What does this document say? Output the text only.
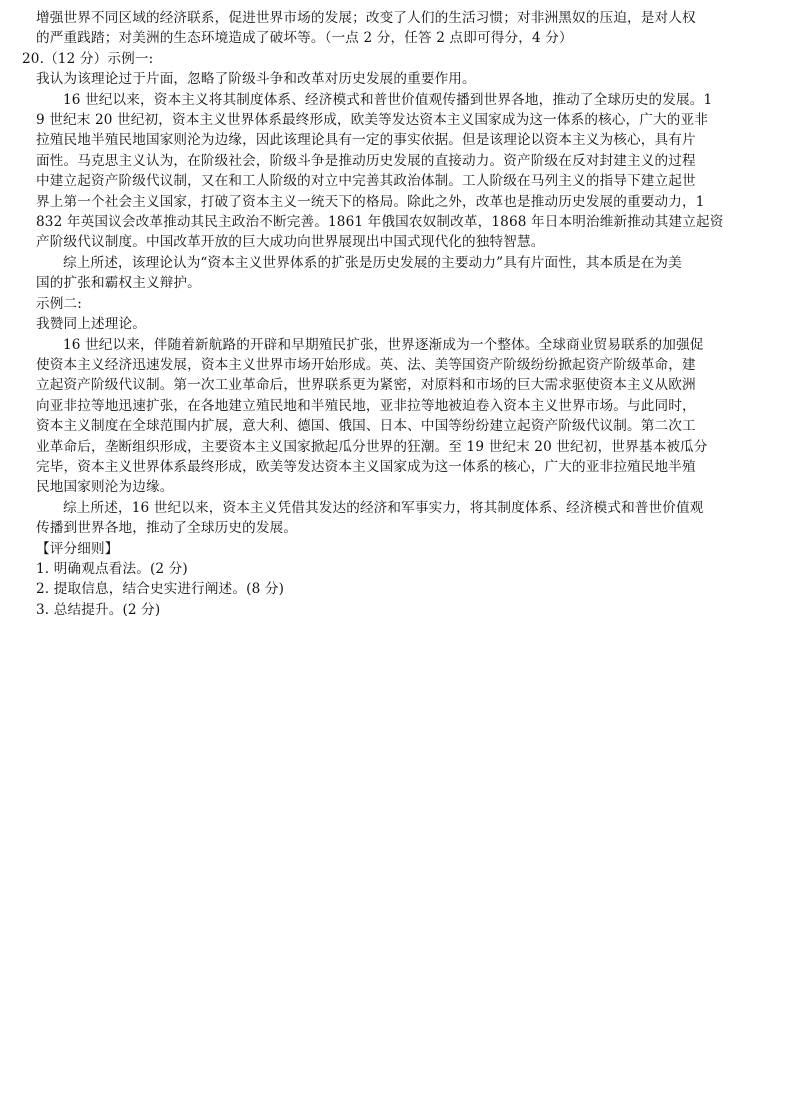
增强世界不同区域的经济联系，促进世界市场的发展；改变了人们的生活习惯；对非洲黑奴的压迫，是对人权
的严重践踏；对美洲的生态环境造成了破坏等。（一点 2 分，任答 2 点即可得分，4 分）
20.（12 分）示例一:
我认为该理论过于片面，忽略了阶级斗争和改革对历史发展的重要作用。
16 世纪以来，资本主义将其制度体系、经济模式和普世价值观传播到世界各地，推动了全球历史的发展。1
9 世纪末 20 世纪初，资本主义世界体系最终形成，欧美等发达资本主义国家成为这一体系的核心，广大的亚非
拉殖民地半殖民地国家则沦为边缘，因此该理论具有一定的事实依据。但是该理论以资本主义为核心，具有片
面性。马克思主义认为，在阶级社会，阶级斗争是推动历史发展的直接动力。资产阶级在反对封建主义的过程
中建立起资产阶级代议制，又在和工人阶级的对立中完善其政治体制。工人阶级在马列主义的指导下建立起世
界上第一个社会主义国家，打破了资本主义一统天下的格局。除此之外，改革也是推动历史发展的重要动力，1
832 年英国议会改革推动其民主政治不断完善。1861 年俄国农奴制改革，1868 年日本明治维新推动其建立起资
产阶级代议制度。中国改革开放的巨大成功向世界展现出中国式现代化的独特智慧。
综上所述，该理论认为“资本主义世界体系的扩张是历史发展的主要动力”具有片面性，其本质是在为美
国的扩张和霸权主义辩护。
示例二:
我赞同上述理论。
16 世纪以来，伴随着新航路的开辟和早期殖民扩张，世界逐渐成为一个整体。全球商业贸易联系的加强促
使资本主义经济迅速发展，资本主义世界市场开始形成。英、法、美等国资产阶级纷纷掀起资产阶级革命，建
立起资产阶级代议制。第一次工业革命后，世界联系更为紧密，对原料和市场的巨大需求驱使资本主义从欧洲
向亚非拉等地迅速扩张，在各地建立殖民地和半殖民地，亚非拉等地被迫卷入资本主义世界市场。与此同时，
资本主义制度在全球范围内扩展，意大利、德国、俄国、日本、中国等纷纷建立起资产阶级代议制。第二次工
业革命后，垄断组织形成，主要资本主义国家掀起瓜分世界的狂潮。至 19 世纪末 20 世纪初，世界基本被瓜分
完毕，资本主义世界体系最终形成，欧美等发达资本主义国家成为这一体系的核心，广大的亚非拉殖民地半殖
民地国家则沦为边缘。
综上所述，16 世纪以来，资本主义凭借其发达的经济和军事实力，将其制度体系、经济模式和普世价值观
传播到世界各地，推动了全球历史的发展。
【评分细则】
1. 明确观点看法。(2 分)
2. 提取信息，结合史实进行阐述。(8 分)
3. 总结提升。(2 分)
